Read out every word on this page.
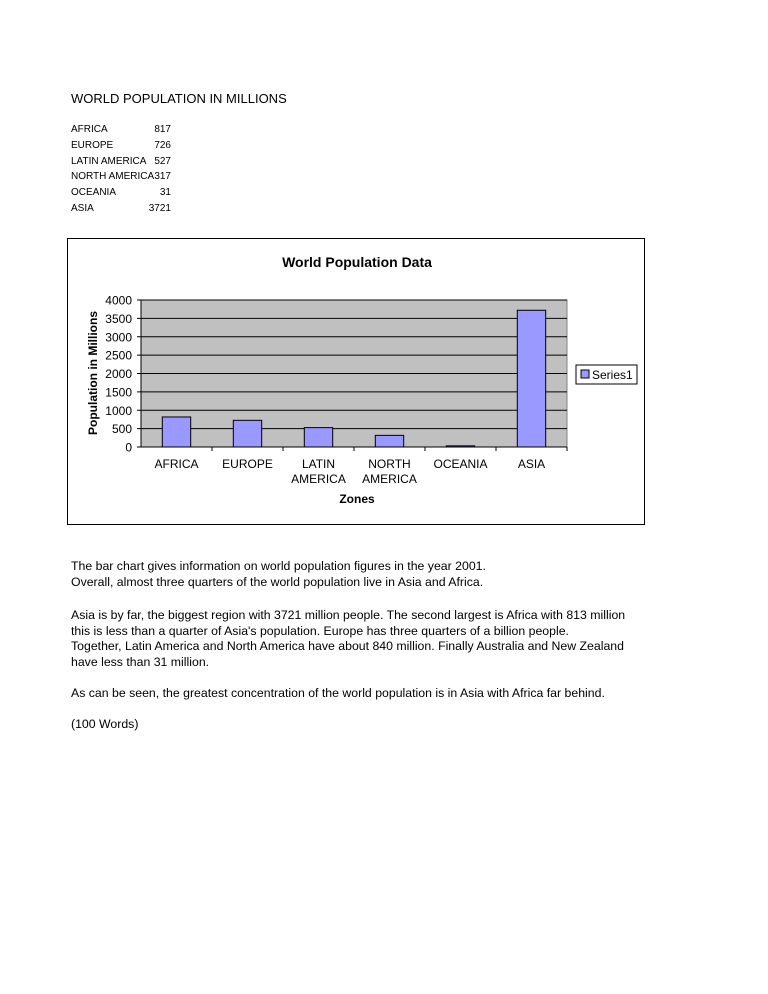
WORLD POPULATION IN MILLIONS
AFRICA	817
EUROPE	726
LATIN AMERICA 527
NORTH AMERICA 317
OCEANIA	31
ASIA	3721
World Population Data
0
500
1000
1500
2000
2500
3000
3500
4000
AFRICA EUROPE LATIN
AMERICA
NORTH
AMERICA
OCEANIA	ASIA
Zones
Population in Millions	Series1
The bar chart gives information on world population figures in the year 2001.
Overall, almost three quarters of the world population live in Asia and Africa.
Asia is by far, the biggest region with 3721 million people. The second largest is Africa with 813 million
this is less than a quarter of Asia's population. Europe has three quarters of a billion people.
Together, Latin America and North America have about 840 million. Finally Australia and New Zealand
have less than 31 million.
As can be seen, the greatest concentration of the world population is in Asia with Africa far behind.
(100 Words)
